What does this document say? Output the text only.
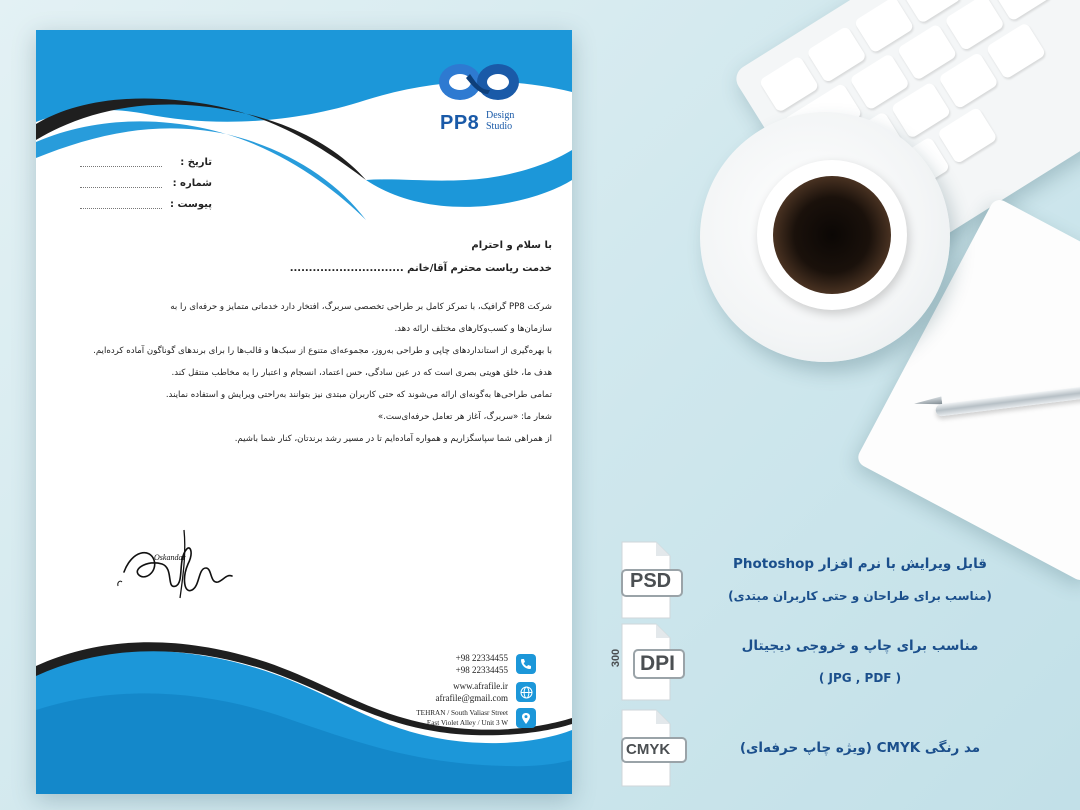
PP8 Design
Studio
تاریخ :
شماره :
پیوست :
با سلام و احترام
خدمت ریاست محترم آقا/خانم ..............................
شرکت PP8 گرافیک، با تمرکز کامل بر طراحی تخصصی سربرگ، افتخار دارد خدماتی متمایز و حرفه‌ای را به
سازمان‌ها و کسب‌وکارهای مختلف ارائه دهد.
با بهره‌گیری از استانداردهای چاپی و طراحی به‌روز، مجموعه‌ای متنوع از سبک‌ها و قالب‌ها را برای برندهای گوناگون آماده کرده‌ایم.
هدف ما، خلق هویتی بصری است که در عین سادگی، حس اعتماد، انسجام و اعتبار را به مخاطب منتقل کند.
تمامی طراحی‌ها به‌گونه‌ای ارائه می‌شوند که حتی کاربران مبتدی نیز بتوانند به‌راحتی ویرایش و استفاده نمایند.
شعار ما: «سربرگ، آغاز هر تعامل حرفه‌ای‌ست.»
از همراهی شما سپاسگزاریم و همواره آماده‌ایم تا در مسیر رشد برندتان، کنار شما باشیم.
Oskandar
+98 22334455
+98 22334455
www.afrafile.ir
afrafile@gmail.com
TEHRAN / South Valiasr Street
East Violet Alley / Unit 3 W
PSD
قابل ویرایش با نرم افزار Photoshop
(مناسب برای طراحان و حتی کاربران مبتدی)
300 DPI
مناسب برای چاپ و خروجی دیجیتال
( JPG , PDF )
CMYK	مد رنگی CMYK (ویژه چاپ حرفه‌ای)
